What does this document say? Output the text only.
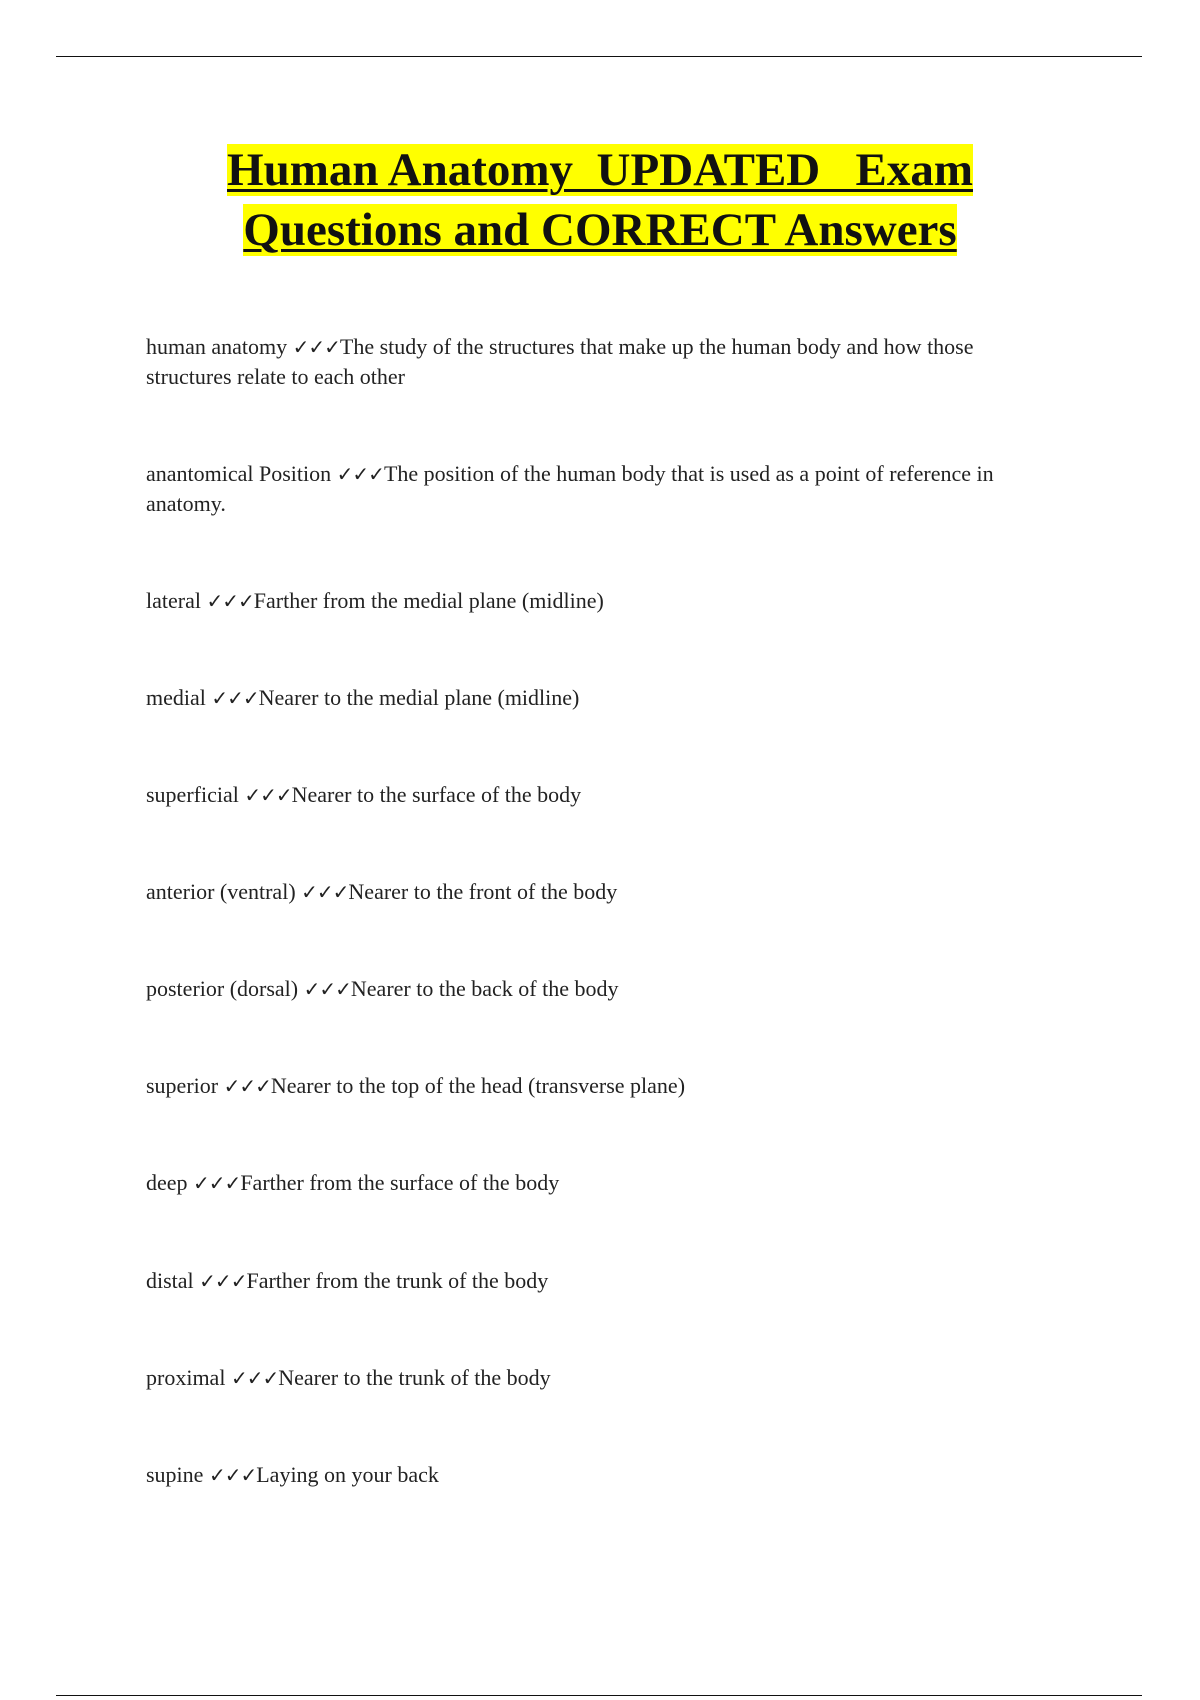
Human Anatomy  UPDATED   Exam
Questions and CORRECT Answers

human anatomy ✓✓✓The study of the structures that make up the human body and how those structures relate to each other

anantomical Position ✓✓✓The position of the human body that is used as a point of reference in anatomy.

lateral ✓✓✓Farther from the medial plane (midline)

medial ✓✓✓Nearer to the medial plane (midline)

superficial ✓✓✓Nearer to the surface of the body

anterior (ventral) ✓✓✓Nearer to the front of the body

posterior (dorsal) ✓✓✓Nearer to the back of the body

superior ✓✓✓Nearer to the top of the head (transverse plane)

deep ✓✓✓Farther from the surface of the body

distal ✓✓✓Farther from the trunk of the body

proximal ✓✓✓Nearer to the trunk of the body

supine ✓✓✓Laying on your back
